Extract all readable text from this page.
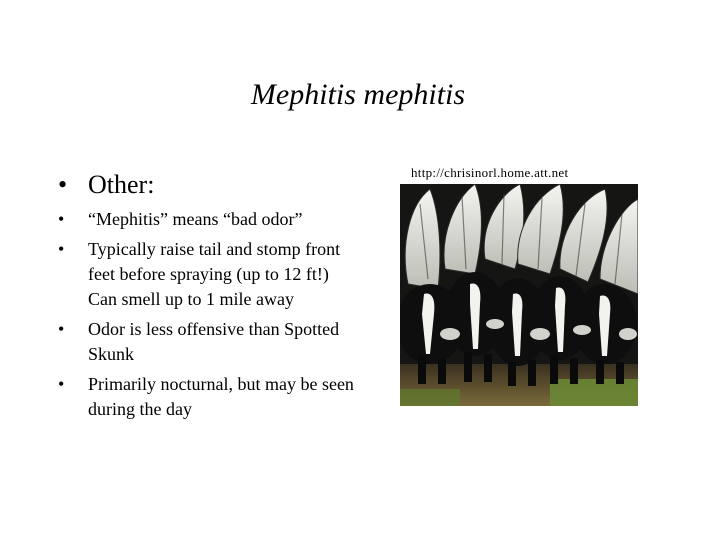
Mephitis mephitis
• Other:
•	“Mephitis” means “bad odor”
•	Typically raise tail and stomp front feet before spraying (up to 12 ft!) Can smell up to 1 mile away
•	Odor is less offensive than Spotted Skunk
•	Primarily nocturnal, but may be seen during the day
http://chrisinorl.home.att.net
